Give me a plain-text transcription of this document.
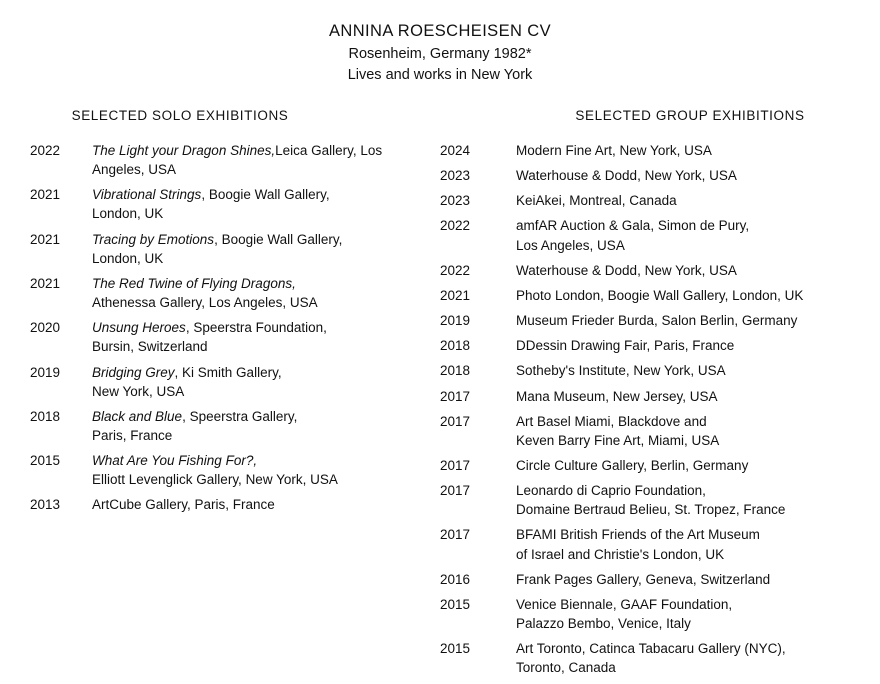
ANNINA ROESCHEISEN CV
Rosenheim, Germany 1982*
Lives and works in New York
SELECTED SOLO EXHIBITIONS
2022	The Light your Dragon Shines,Leica Gallery, Los Angeles, USA
2021	Vibrational Strings, Boogie Wall Gallery,
London, UK
2021	Tracing by Emotions, Boogie Wall Gallery,
London, UK
2021	The Red Twine of Flying Dragons,
Athenessa Gallery, Los Angeles, USA
2020	Unsung Heroes, Speerstra Foundation,
Bursin, Switzerland
2019	Bridging Grey, Ki Smith Gallery,
New York, USA
2018	Black and Blue, Speerstra Gallery,
Paris, France
2015	What Are You Fishing For?,
Elliott Levenglick Gallery, New York, USA
2013	ArtCube Gallery, Paris, France
SELECTED GROUP EXHIBITIONS
2024	Modern Fine Art, New York, USA
2023	Waterhouse & Dodd, New York, USA
2023	KeiAkei, Montreal, Canada
2022	amfAR Auction & Gala, Simon de Pury,
Los Angeles, USA
2022	Waterhouse & Dodd, New York, USA
2021	Photo London, Boogie Wall Gallery, London, UK
2019	Museum Frieder Burda, Salon Berlin, Germany
2018	DDessin Drawing Fair, Paris, France
2018	Sotheby's Institute, New York, USA
2017	Mana Museum, New Jersey, USA
2017	Art Basel Miami, Blackdove and
Keven Barry Fine Art, Miami, USA
2017	Circle Culture Gallery, Berlin, Germany
2017	Leonardo di Caprio Foundation,
Domaine Bertraud Belieu, St. Tropez, France
2017	BFAMI British Friends of the Art Museum
of Israel and Christie's London, UK
2016	Frank Pages Gallery, Geneva, Switzerland
2015	Venice Biennale, GAAF Foundation,
Palazzo Bembo, Venice, Italy
2015	Art Toronto, Catinca Tabacaru Gallery (NYC),
Toronto, Canada
